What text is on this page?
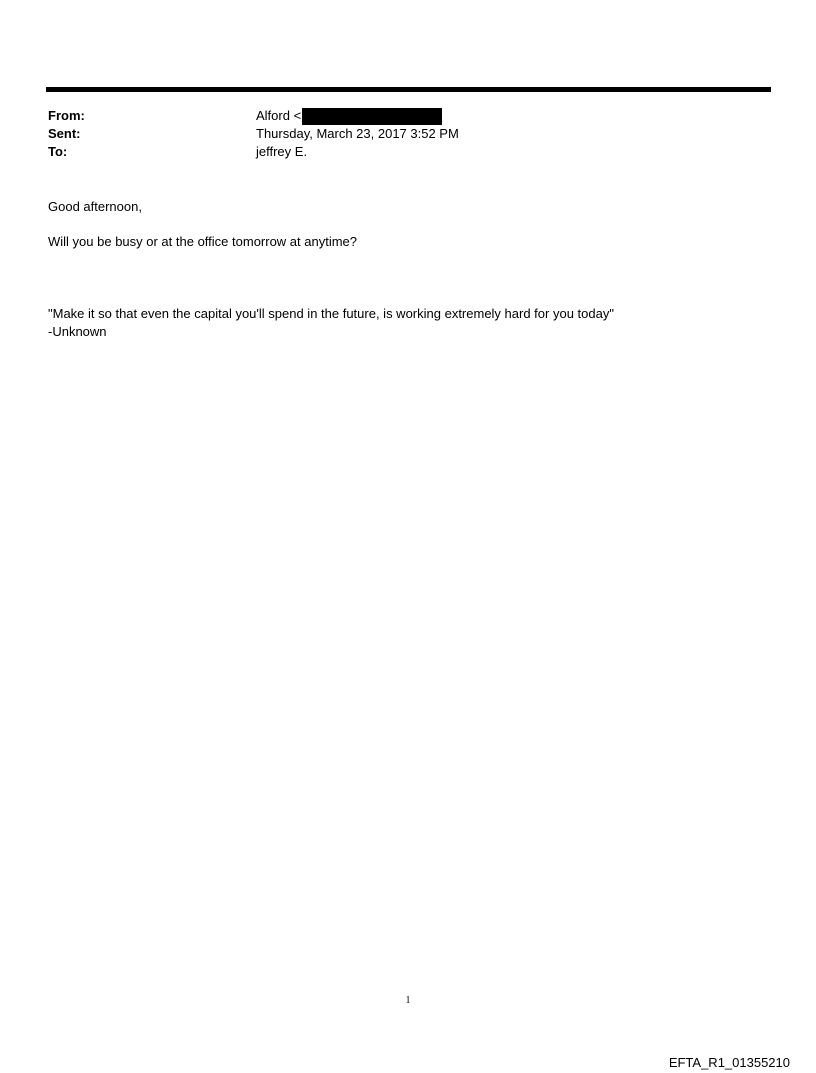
From:	Alford <
Sent:	Thursday, March 23, 2017 3:52 PM
To:	jeffrey E.
Good afternoon,
Will you be busy or at the office tomorrow at anytime?
"Make it so that even the capital you'll spend in the future, is working extremely hard for you today"
-Unknown
1
EFTA_R1_01355210
